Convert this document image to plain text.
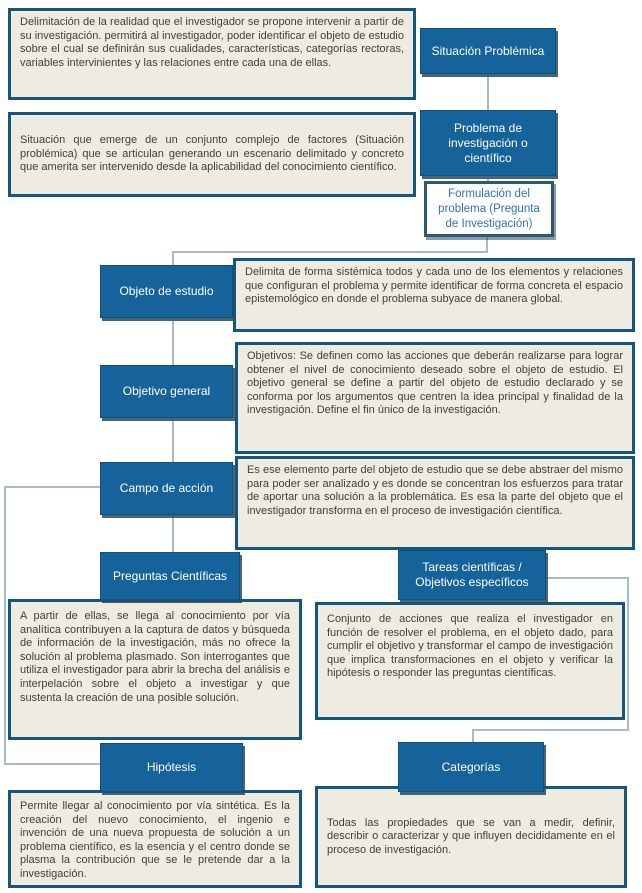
Delimitación de la realidad que el investigador se propone intervenir a partir de su investigación. permitirá al investigador, poder identificar el objeto de estudio sobre el cual se definirán sus cualidades, características, categorías rectoras, variables intervinientes y las relaciones entre cada una de ellas.
Situación Problémica
Situación que emerge de un conjunto complejo de factores (Situación problémica) que se articulan generando un escenario delimitado y concreto que amerita ser intervenido desde la aplicabilidad del conocimiento científico.
Problema de investigación o científico
Formulación del problema (Pregunta de Investigación)
Objeto de estudio
Delimita de forma sistémica todos y cada uno de los elementos y relaciones que configuran el problema y permite identificar de forma concreta el espacio epistemológico en donde el problema subyace de manera global.
Objetivo general
Objetivos: Se definen como las acciones que deberán realizarse para lograr obtener el nivel de conocimiento deseado sobre el objeto de estudio. El objetivo general se define a partir del objeto de estudio declarado y se conforma por los argumentos que centren la idea principal y finalidad de la investigación. Define el fin único de la investigación.
Campo de acción
Es ese elemento parte del objeto de estudio que se debe abstraer del mismo para poder ser analizado y es donde se concentran los esfuerzos para tratar de aportar una solución a la problemática. Es esa la parte del objeto que el investigador transforma en el proceso de investigación científica.
Preguntas Científicas
Tareas científicas / Objetivos específicos
A partir de ellas, se llega al conocimiento por vía analítica contribuyen a la captura de datos y búsqueda de información de la investigación, más no ofrece la solución al problema plasmado. Son interrogantes que utiliza el investigador para abrir la brecha del análisis e interpelación sobre el objeto a investigar y que sustenta la creación de una posible solución.
Conjunto de acciones que realiza el investigador en función de resolver el problema, en el objeto dado, para cumplir el objetivo y transformar el campo de investigación que implica transformaciones en el objeto y verificar la hipótesis o responder las preguntas científicas.
Hipótesis	Categorías
Permite llegar al conocimiento por vía sintética. Es la creación del nuevo conocimiento, el ingenio e invención de una nueva propuesta de solución a un problema científico, es la esencia y el centro donde se plasma la contribución que se le pretende dar a la investigación.
Todas las propiedades que se van a medir, definir, describir o caracterizar y que influyen decididamente en el proceso de investigación.
